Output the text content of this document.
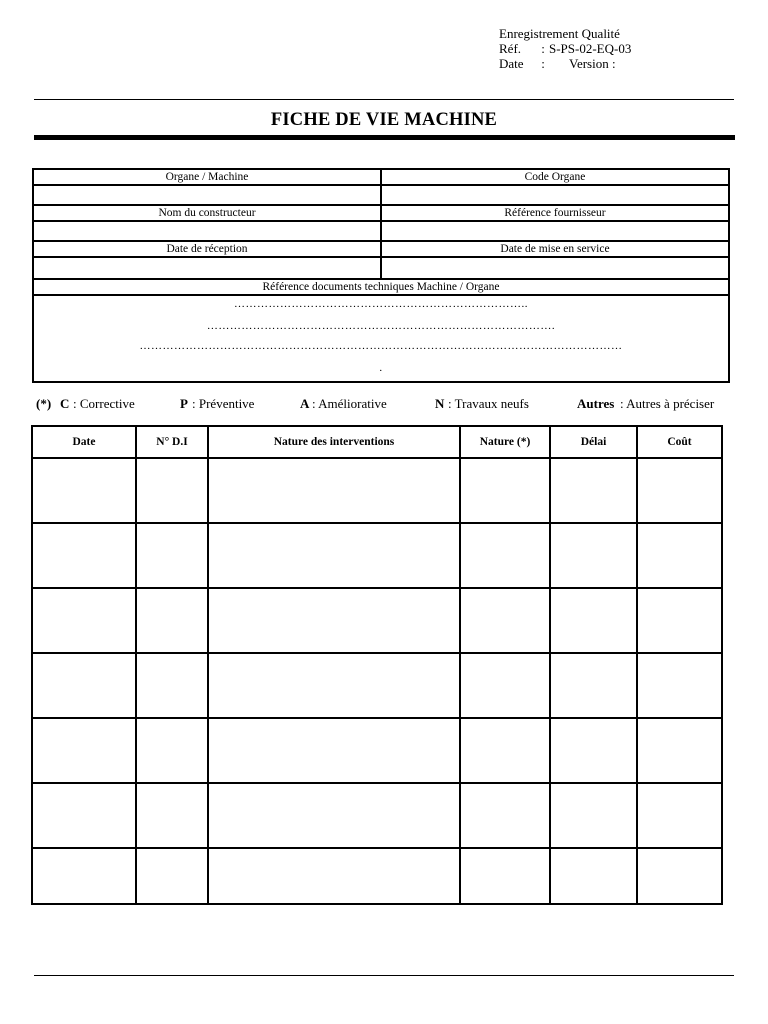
Enregistrement Qualité
Réf.	: S-PS-02-EQ-03
Date	:	Version :
FICHE DE VIE MACHINE
Organe / Machine	Code Organe

Nom du constructeur	Référence fournisseur

Date de réception	Date de mise en service

Référence documents techniques Machine / Organe	

…………………………………………………………………..
……………………………………………………………………………….
………………………………………………………………………………………………………………
.	
(*) C : Corrective	P : Préventive	A : Améliorative	N : Travaux neufs	Autres : Autres à préciser
Date	N° D.I	Nature des interventions	Nature (*)	Délai	Coût
